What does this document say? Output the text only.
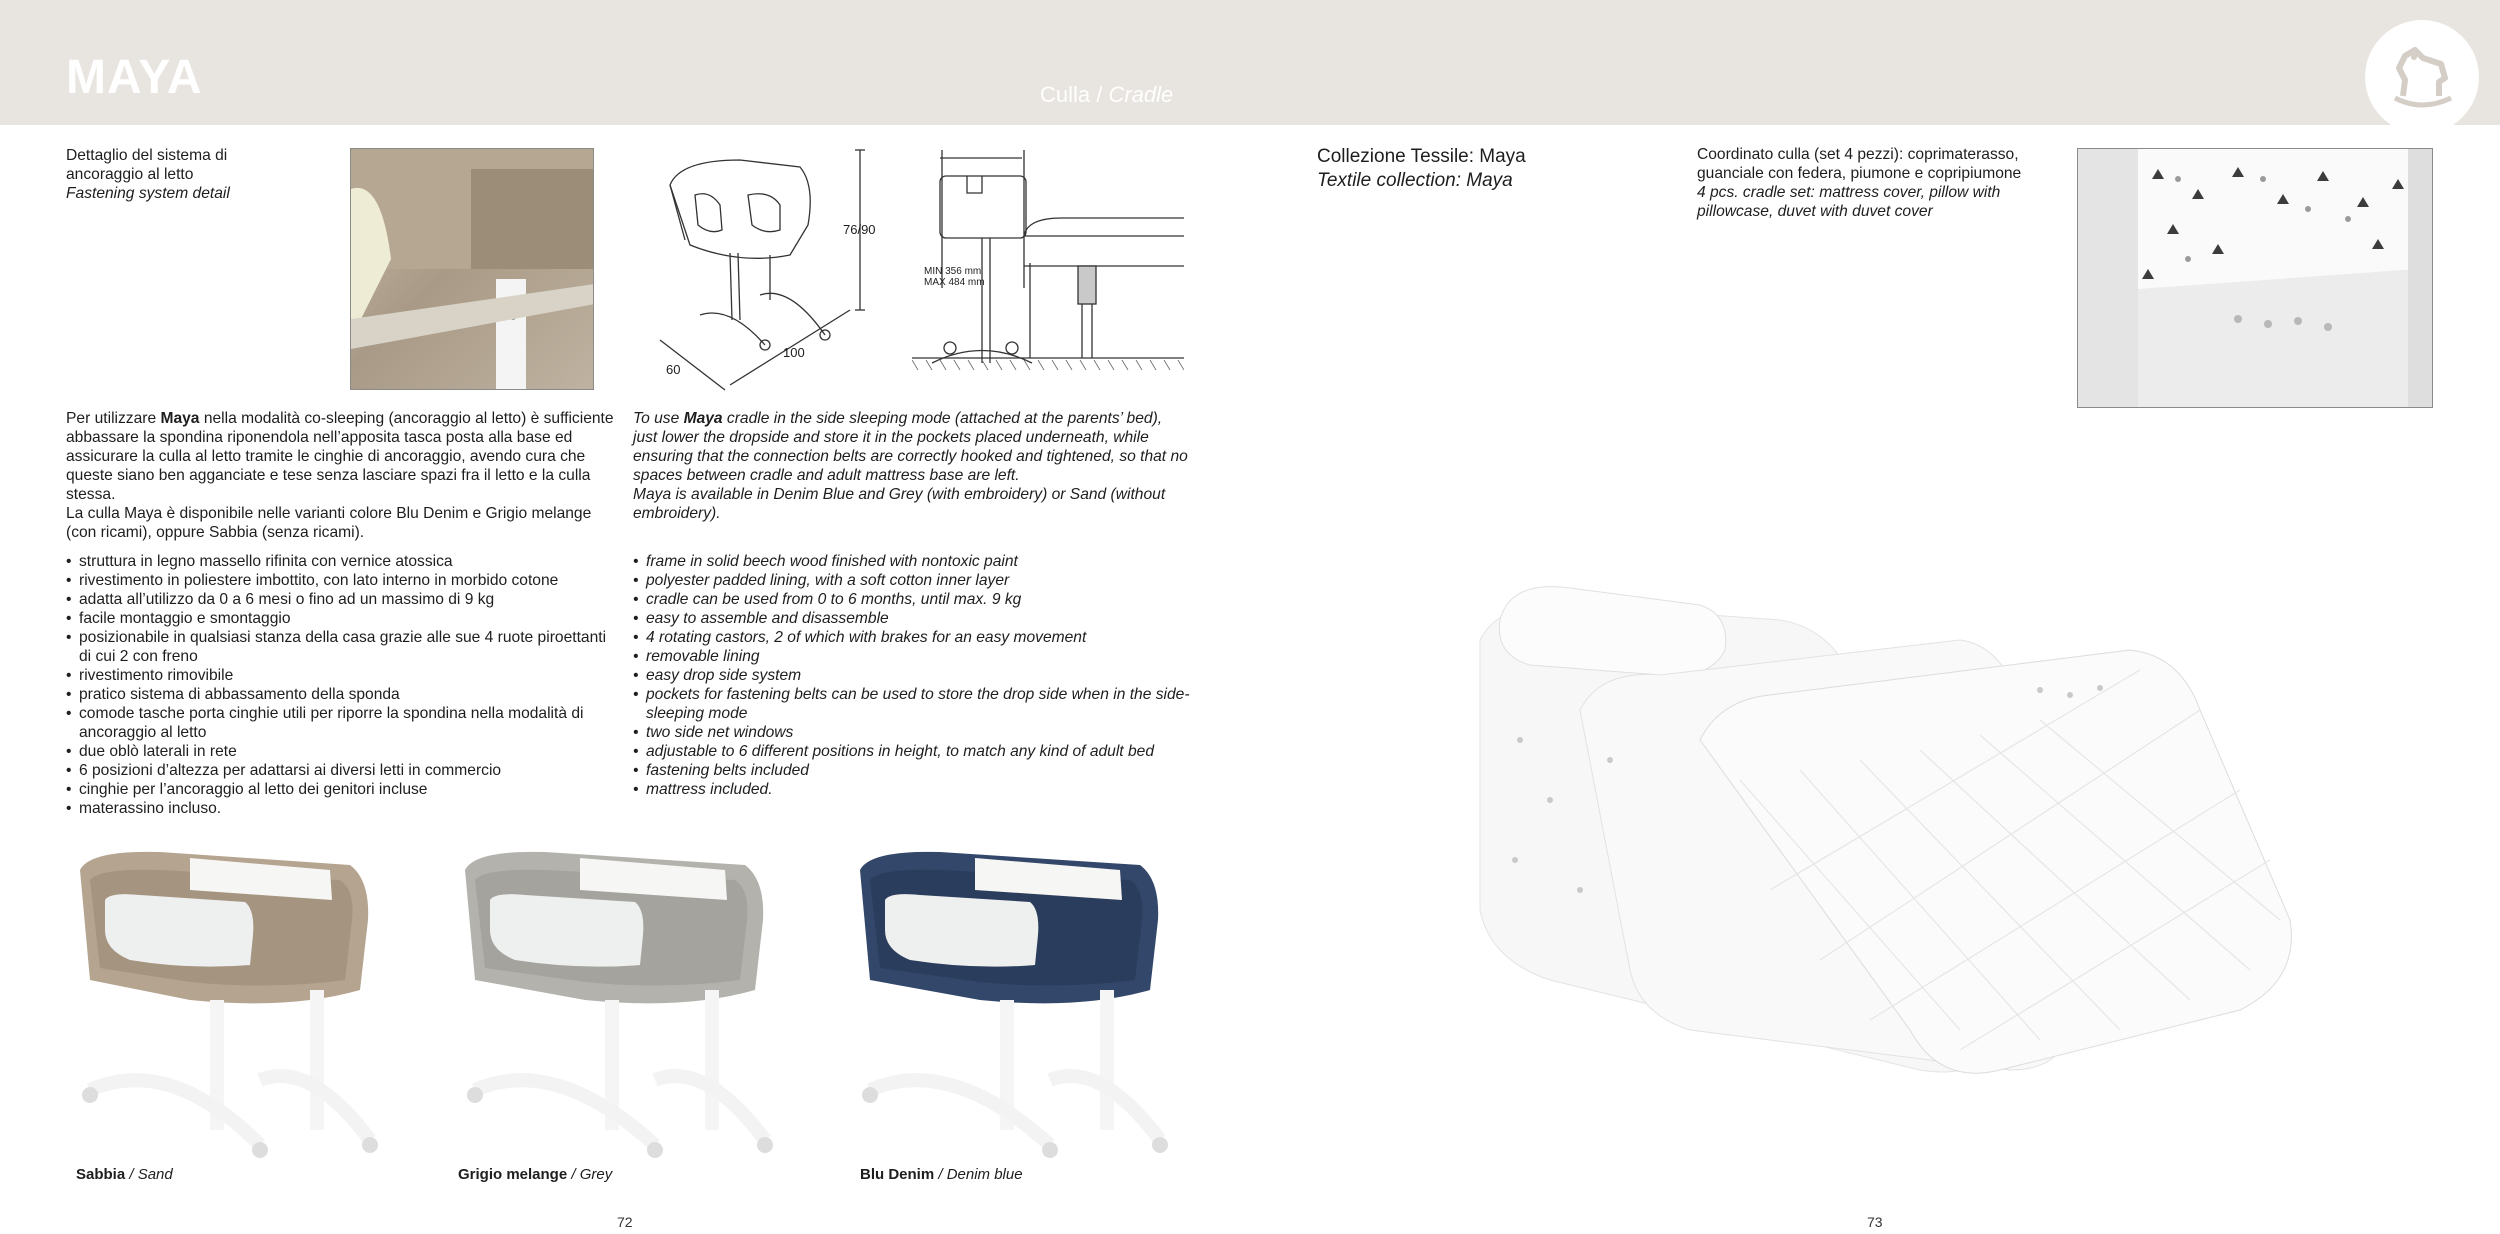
MAYA	Culla / Cradle
Dettaglio del sistema di ancoraggio al letto
Fastening system detail
76/90
100
60
MIN 356 mm
MAX 484 mm
Per utilizzare Maya nella modalità co-sleeping (ancoraggio al letto) è sufficiente abbassare la spondina riponendola nell’apposita tasca posta alla base ed assicurare la culla al letto tramite le cinghie di ancoraggio, avendo cura che queste siano ben agganciate e tese senza lasciare spazi fra il letto e la culla stessa.
La culla Maya è disponibile nelle varianti colore Blu Denim e Grigio melange (con ricami), oppure Sabbia (senza ricami).
To use Maya cradle in the side sleeping mode (attached at the parents’ bed), just lower the dropside and store it in the pockets placed underneath, while ensuring that the connection belts are correctly hooked and tightened, so that no spaces between cradle and adult mattress base are left.
Maya is available in Denim Blue and Grey (with embroidery) or Sand (without embroidery).
• struttura in legno massello rifinita con vernice atossica
• rivestimento in poliestere imbottito, con lato interno in morbido cotone
• adatta all’utilizzo da 0 a 6 mesi o fino ad un massimo di 9 kg
• facile montaggio e smontaggio
• posizionabile in qualsiasi stanza della casa grazie alle sue 4 ruote piroettanti di cui 2 con freno
• rivestimento rimovibile
• pratico sistema di abbassamento della sponda
• comode tasche porta cinghie utili per riporre la spondina nella modalità di ancoraggio al letto
• due oblò laterali in rete
• 6 posizioni d’altezza per adattarsi ai diversi letti in commercio
• cinghie per l’ancoraggio al letto dei genitori incluse
• materassino incluso.
• frame in solid beech wood finished with nontoxic paint
• polyester padded lining, with a soft cotton inner layer
• cradle can be used from 0 to 6 months, until max. 9 kg
• easy to assemble and disassemble
• 4 rotating castors, 2 of which with brakes for an easy movement
• removable lining
• easy drop side system
• pockets for fastening belts can be used to store the drop side when in the side-sleeping mode
• two side net windows
• adjustable to 6 different positions in height, to match any kind of adult bed
• fastening belts included
• mattress included.
Sabbia / Sand	Grigio melange / Grey	Blu Denim / Denim blue
72
Collezione Tessile: Maya
Textile collection: Maya
Coordinato culla (set 4 pezzi): coprimaterasso, guanciale con federa, piumone e copripiumone
4 pcs. cradle set: mattress cover, pillow with pillowcase, duvet with duvet cover
73
